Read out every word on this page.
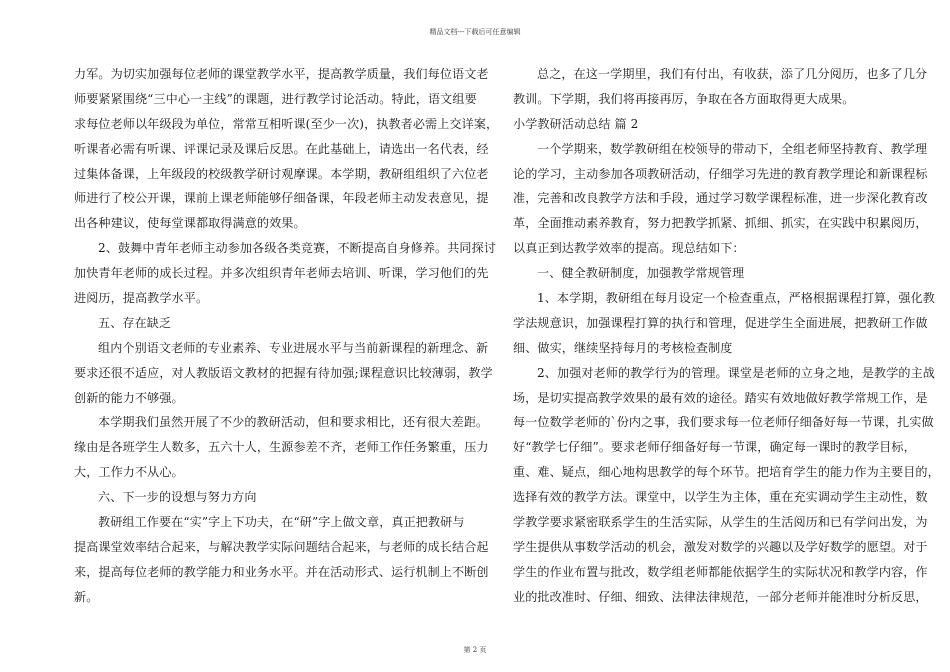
精品文档---下载后可任意编辑
力军。为切实加强每位老师的课堂教学水平，提高教学质量，我们每位语文老
师要紧紧围绕“三中心一主线”的课题，进行教学讨论活动。特此，语文组要
求每位老师以年级段为单位，常常互相听课(至少一次)，执教者必需上交详案，
听课者必需有听课、评课记录及课后反思。在此基础上，请选出一名代表，经
过集体备课，上年级段的校级教学研讨观摩课。本学期，教研组组织了六位老
师进行了校公开课，课前上课老师能够仔细备课，年段老师主动发表意见，提
出各种建议，使每堂课都取得满意的效果。
2、鼓舞中青年老师主动参加各级各类竞赛，不断提高自身修养。共同探讨
加快青年老师的成长过程。并多次组织青年老师去培训、听课，学习他们的先
进阅历，提高教学水平。
五、存在缺乏
组内个别语文老师的专业素养、专业进展水平与当前新课程的新理念、新
要求还很不适应，对人教版语文教材的把握有待加强;课程意识比较薄弱，教学
创新的能力不够强。
本学期我们虽然开展了不少的教研活动，但和要求相比，还有很大差距。
缘由是各班学生人数多，五六十人，生源参差不齐，老师工作任务繁重，压力
大，工作力不从心。
六、下一步的设想与努力方向
教研组工作要在“实”字上下功夫，在“研”字上做文章，真正把教研与
提高课堂效率结合起来，与解决教学实际问题结合起来，与老师的成长结合起
来，提高每位老师的教学能力和业务水平。并在活动形式、运行机制上不断创
新。
总之，在这一学期里，我们有付出，有收获，添了几分阅历，也多了几分
教训。下学期，我们将再接再厉，争取在各方面取得更大成果。
小学教研活动总结 篇 2
一个学期来，数学教研组在校领导的带动下，全组老师坚持教育、教学理
论的学习，主动参加各项教研活动，仔细学习先进的教育教学理论和新课程标
准，完善和改良教学方法和手段，通过学习数学课程标准，进一步深化教育改
革，全面推动素养教育，努力把教学抓紧、抓细、抓实，在实践中积累阅历，
以真正到达教学效率的提高。现总结如下：
一、健全教研制度，加强教学常规管理
1、本学期，教研组在每月设定一个检查重点，严格根据课程打算，强化教
学法规意识，加强课程打算的执行和管理，促进学生全面进展，把教研工作做
细、做实，继续坚持每月的考核检查制度
2、加强对老师的教学行为的管理。课堂是老师的立身之地，是教学的主战
场，是切实提高教学效果的最有效的途径。踏实有效地做好教学常规工作，是
每一位数学老师的`份内之事，我们要求每一位老师仔细备好每一节课，扎实做
好“教学七仔细”。要求老师仔细备好每一节课，确定每一课时的教学目标，
重、难、疑点，细心地构思教学的每个环节。把培育学生的能力作为主要目的，
选择有效的教学方法。课堂中，以学生为主体，重在充实调动学生主动性，数
学教学要求紧密联系学生的生活实际，从学生的生活阅历和已有学问出发，为
学生提供从事数学活动的机会，激发对数学的兴趣以及学好数学的愿望。对于
学生的作业布置与批改，数学组老师都能依据学生的实际状况和教学内容，作
业的批改准时、仔细、细致、法律法律规范，一部分老师并能准时分析反思，
第 2 页
